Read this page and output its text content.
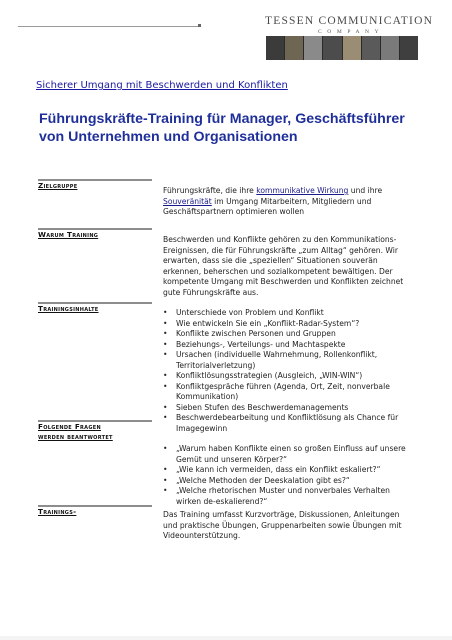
TESSEN COMMUNICATION
COMPANY
Sicherer Umgang mit Beschwerden und Konflikten
Führungskräfte-Training für Manager, Geschäftsführer von Unternehmen und Organisationen
Zielgruppe
Führungskräfte, die ihre kommunikative Wirkung und ihre Souveränität im Umgang Mitarbeitern, Mitgliedern und Geschäftspartnern optimieren wollen
Warum Training
Beschwerden und Konflikte gehören zu den Kommunikations-Ereignissen, die für Führungskräfte „zum Alltag“ gehören. Wir erwarten, dass sie die „speziellen“ Situationen souverän erkennen, beherschen und sozialkompetent bewältigen. Der kompetente Umgang mit Beschwerden und Konflikten zeichnet gute Führungskräfte aus.
Trainingsinhalte
•	Unterschiede von Problem und Konflikt
• Wie entwickeln Sie ein „Konflikt-Radar-System“?
• Konflikte zwischen Personen und Gruppen
• Beziehungs-, Verteilungs- und Machtaspekte
• Ursachen (individuelle Wahrnehmung, Rollenkonflikt, Territorialverletzung)
• Konfliktlösungsstrategien (Ausgleich, „WIN-WIN“)
• Konfliktgespräche führen (Agenda, Ort, Zeit, nonverbale Kommunikation)
• Sieben Stufen des Beschwerdemanagements
• Beschwerdebearbeitung und Konfliktlösung als Chance für Imagegewinn
Folgende Fragen werden beantwortet
• „Warum haben Konflikte einen so großen Einfluss auf unsere Gemüt und unseren Körper?“
• „Wie kann ich vermeiden, dass ein Konflikt eskaliert?“
• „Welche Methoden der Deeskalation gibt es?“
• „Welche rhetorischen Muster und nonverbales Verhalten wirken de-eskalierend?“
Trainings-	Das Training umfasst Kurzvorträge, Diskussionen, Anleitungen und praktische Übungen, Gruppenarbeiten sowie Übungen mit Videounterstützung.
